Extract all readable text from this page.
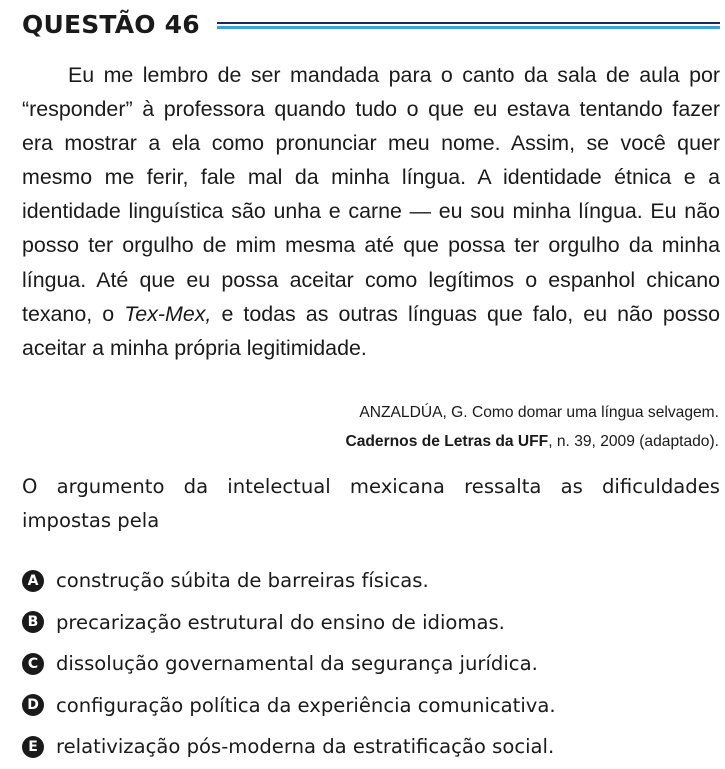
QUESTÃO 46

Eu me lembro de ser mandada para o canto da sala de aula por “responder” à professora quando tudo o que eu estava tentando fazer era mostrar a ela como pronunciar meu nome. Assim, se você quer mesmo me ferir, fale mal da minha língua. A identidade étnica e a identidade linguística são unha e carne — eu sou minha língua. Eu não posso ter orgulho de mim mesma até que possa ter orgulho da minha língua. Até que eu possa aceitar como legítimos o espanhol chicano texano, o Tex-Mex, e todas as outras línguas que falo, eu não posso aceitar a minha própria legitimidade.

ANZALDÚA, G. Como domar uma língua selvagem.
Cadernos de Letras da UFF, n. 39, 2009 (adaptado).

O argumento da intelectual mexicana ressalta as dificuldades impostas pela

A construção súbita de barreiras físicas.
B precarização estrutural do ensino de idiomas.
C dissolução governamental da segurança jurídica.
D configuração política da experiência comunicativa.
E relativização pós-moderna da estratificação social.
